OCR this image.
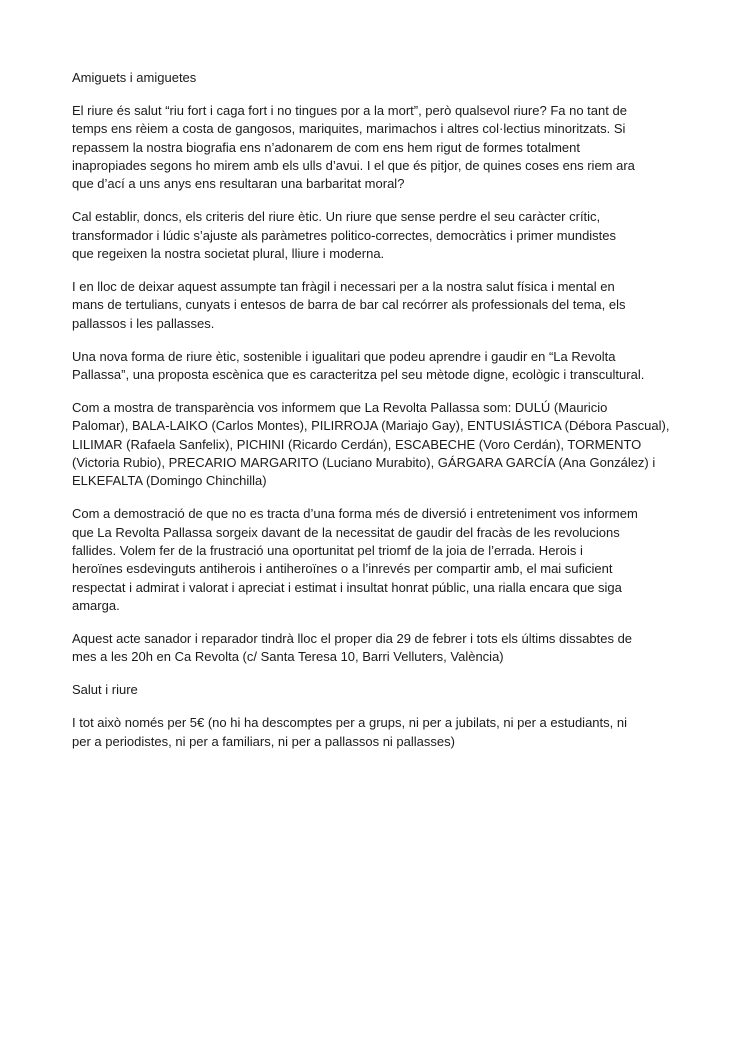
Amiguets i amiguetes

El riure és salut “riu fort i caga fort i no tingues por a la mort”, però qualsevol riure? Fa no tant de
temps ens rèiem a costa de gangosos, mariquites, marimachos i altres col·lectius minoritzats. Si
repassem la nostra biografia ens n’adonarem de com ens hem rigut de formes totalment
inapropiades segons ho mirem amb els ulls d’avui. I el que és pitjor, de quines coses ens riem ara
que d’ací a uns anys ens resultaran una barbaritat moral?

Cal establir, doncs, els criteris del riure ètic. Un riure que sense perdre el seu caràcter crític,
transformador i lúdic s’ajuste als paràmetres politico-correctes, democràtics i primer mundistes
que regeixen la nostra societat plural, lliure i moderna.

I en lloc de deixar aquest assumpte tan fràgil i necessari per a la nostra salut física i mental en
mans de tertulians, cunyats i entesos de barra de bar cal recórrer als professionals del tema, els
pallassos i les pallasses.

Una nova forma de riure ètic, sostenible i igualitari que podeu aprendre i gaudir en “La Revolta
Pallassa”, una proposta escènica que es caracteritza pel seu mètode digne, ecològic i transcultural.

Com a mostra de transparència vos informem que La Revolta Pallassa som: DULÚ (Mauricio
Palomar), BALA-LAIKO (Carlos Montes), PILIRROJA (Mariajo Gay), ENTUSIÁSTICA (Débora Pascual),
LILIMAR (Rafaela Sanfelix), PICHINI (Ricardo Cerdán), ESCABECHE (Voro Cerdán), TORMENTO
(Victoria Rubio), PRECARIO MARGARITO (Luciano Murabito), GÁRGARA GARCÍA (Ana González) i
ELKEFALTA (Domingo Chinchilla)

Com a demostració de que no es tracta d’una forma més de diversió i entreteniment vos informem
que La Revolta Pallassa sorgeix davant de la necessitat de gaudir del fracàs de les revolucions
fallides. Volem fer de la frustració una oportunitat pel triomf de la joia de l’errada. Herois i
heroïnes esdevinguts antiherois i antiheroïnes o a l’inrevés per compartir amb, el mai suficient
respectat i admirat i valorat i apreciat i estimat i insultat honrat públic, una rialla encara que siga
amarga.

Aquest acte sanador i reparador tindrà lloc el proper dia 29 de febrer i tots els últims dissabtes de
mes a les 20h en Ca Revolta (c/ Santa Teresa 10, Barri Velluters, València)

Salut i riure

I tot això només per 5€ (no hi ha descomptes per a grups, ni per a jubilats, ni per a estudiants, ni
per a periodistes, ni per a familiars, ni per a pallassos ni pallasses)
